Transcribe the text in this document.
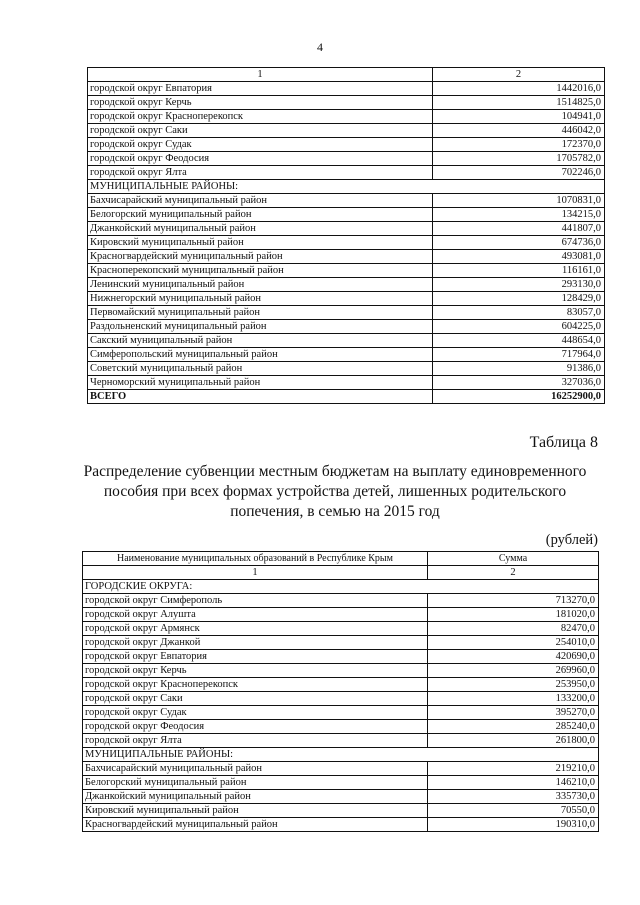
4
1	2
городской округ Евпатория	1442016,0
городской округ Керчь	1514825,0
городской округ Красноперекопск	104941,0
городской округ Саки	446042,0
городской округ Судак	172370,0
городской округ Феодосия	1705782,0
городской округ Ялта	702246,0
МУНИЦИПАЛЬНЫЕ РАЙОНЫ:	
Бахчисарайский муниципальный район	1070831,0
Белогорский муниципальный район	134215,0
Джанкойский муниципальный район	441807,0
Кировский муниципальный район	674736,0
Красногвардейский муниципальный район	493081,0
Красноперекопский муниципальный район	116161,0
Ленинский муниципальный район	293130,0
Нижнегорский муниципальный район	128429,0
Первомайский муниципальный район	83057,0
Раздольненский муниципальный район	604225,0
Сакский муниципальный район	448654,0
Симферопольский муниципальный район	717964,0
Советский муниципальный район	91386,0
Черноморский муниципальный район	327036,0
ВСЕГО	16252900,0
Таблица 8
Распределение субвенции местным бюджетам на выплату единовременного пособия при всех формах устройства детей, лишенных родительского попечения, в семью на 2015 год
(рублей)
Наименование муниципальных образований в Республике Крым	Сумма
1	2
ГОРОДСКИЕ ОКРУГА:	
городской округ Симферополь	713270,0
городской округ Алушта	181020,0
городской округ Армянск	82470,0
городской округ Джанкой	254010,0
городской округ Евпатория	420690,0
городской округ Керчь	269960,0
городской округ Красноперекопск	253950,0
городской округ Саки	133200,0
городской округ Судак	395270,0
городской округ Феодосия	285240,0
городской округ Ялта	261800,0
МУНИЦИПАЛЬНЫЕ РАЙОНЫ:	
Бахчисарайский муниципальный район	219210,0
Белогорский муниципальный район	146210,0
Джанкойский муниципальный район	335730,0
Кировский муниципальный район	70550,0
Красногвардейский муниципальный район	190310,0
